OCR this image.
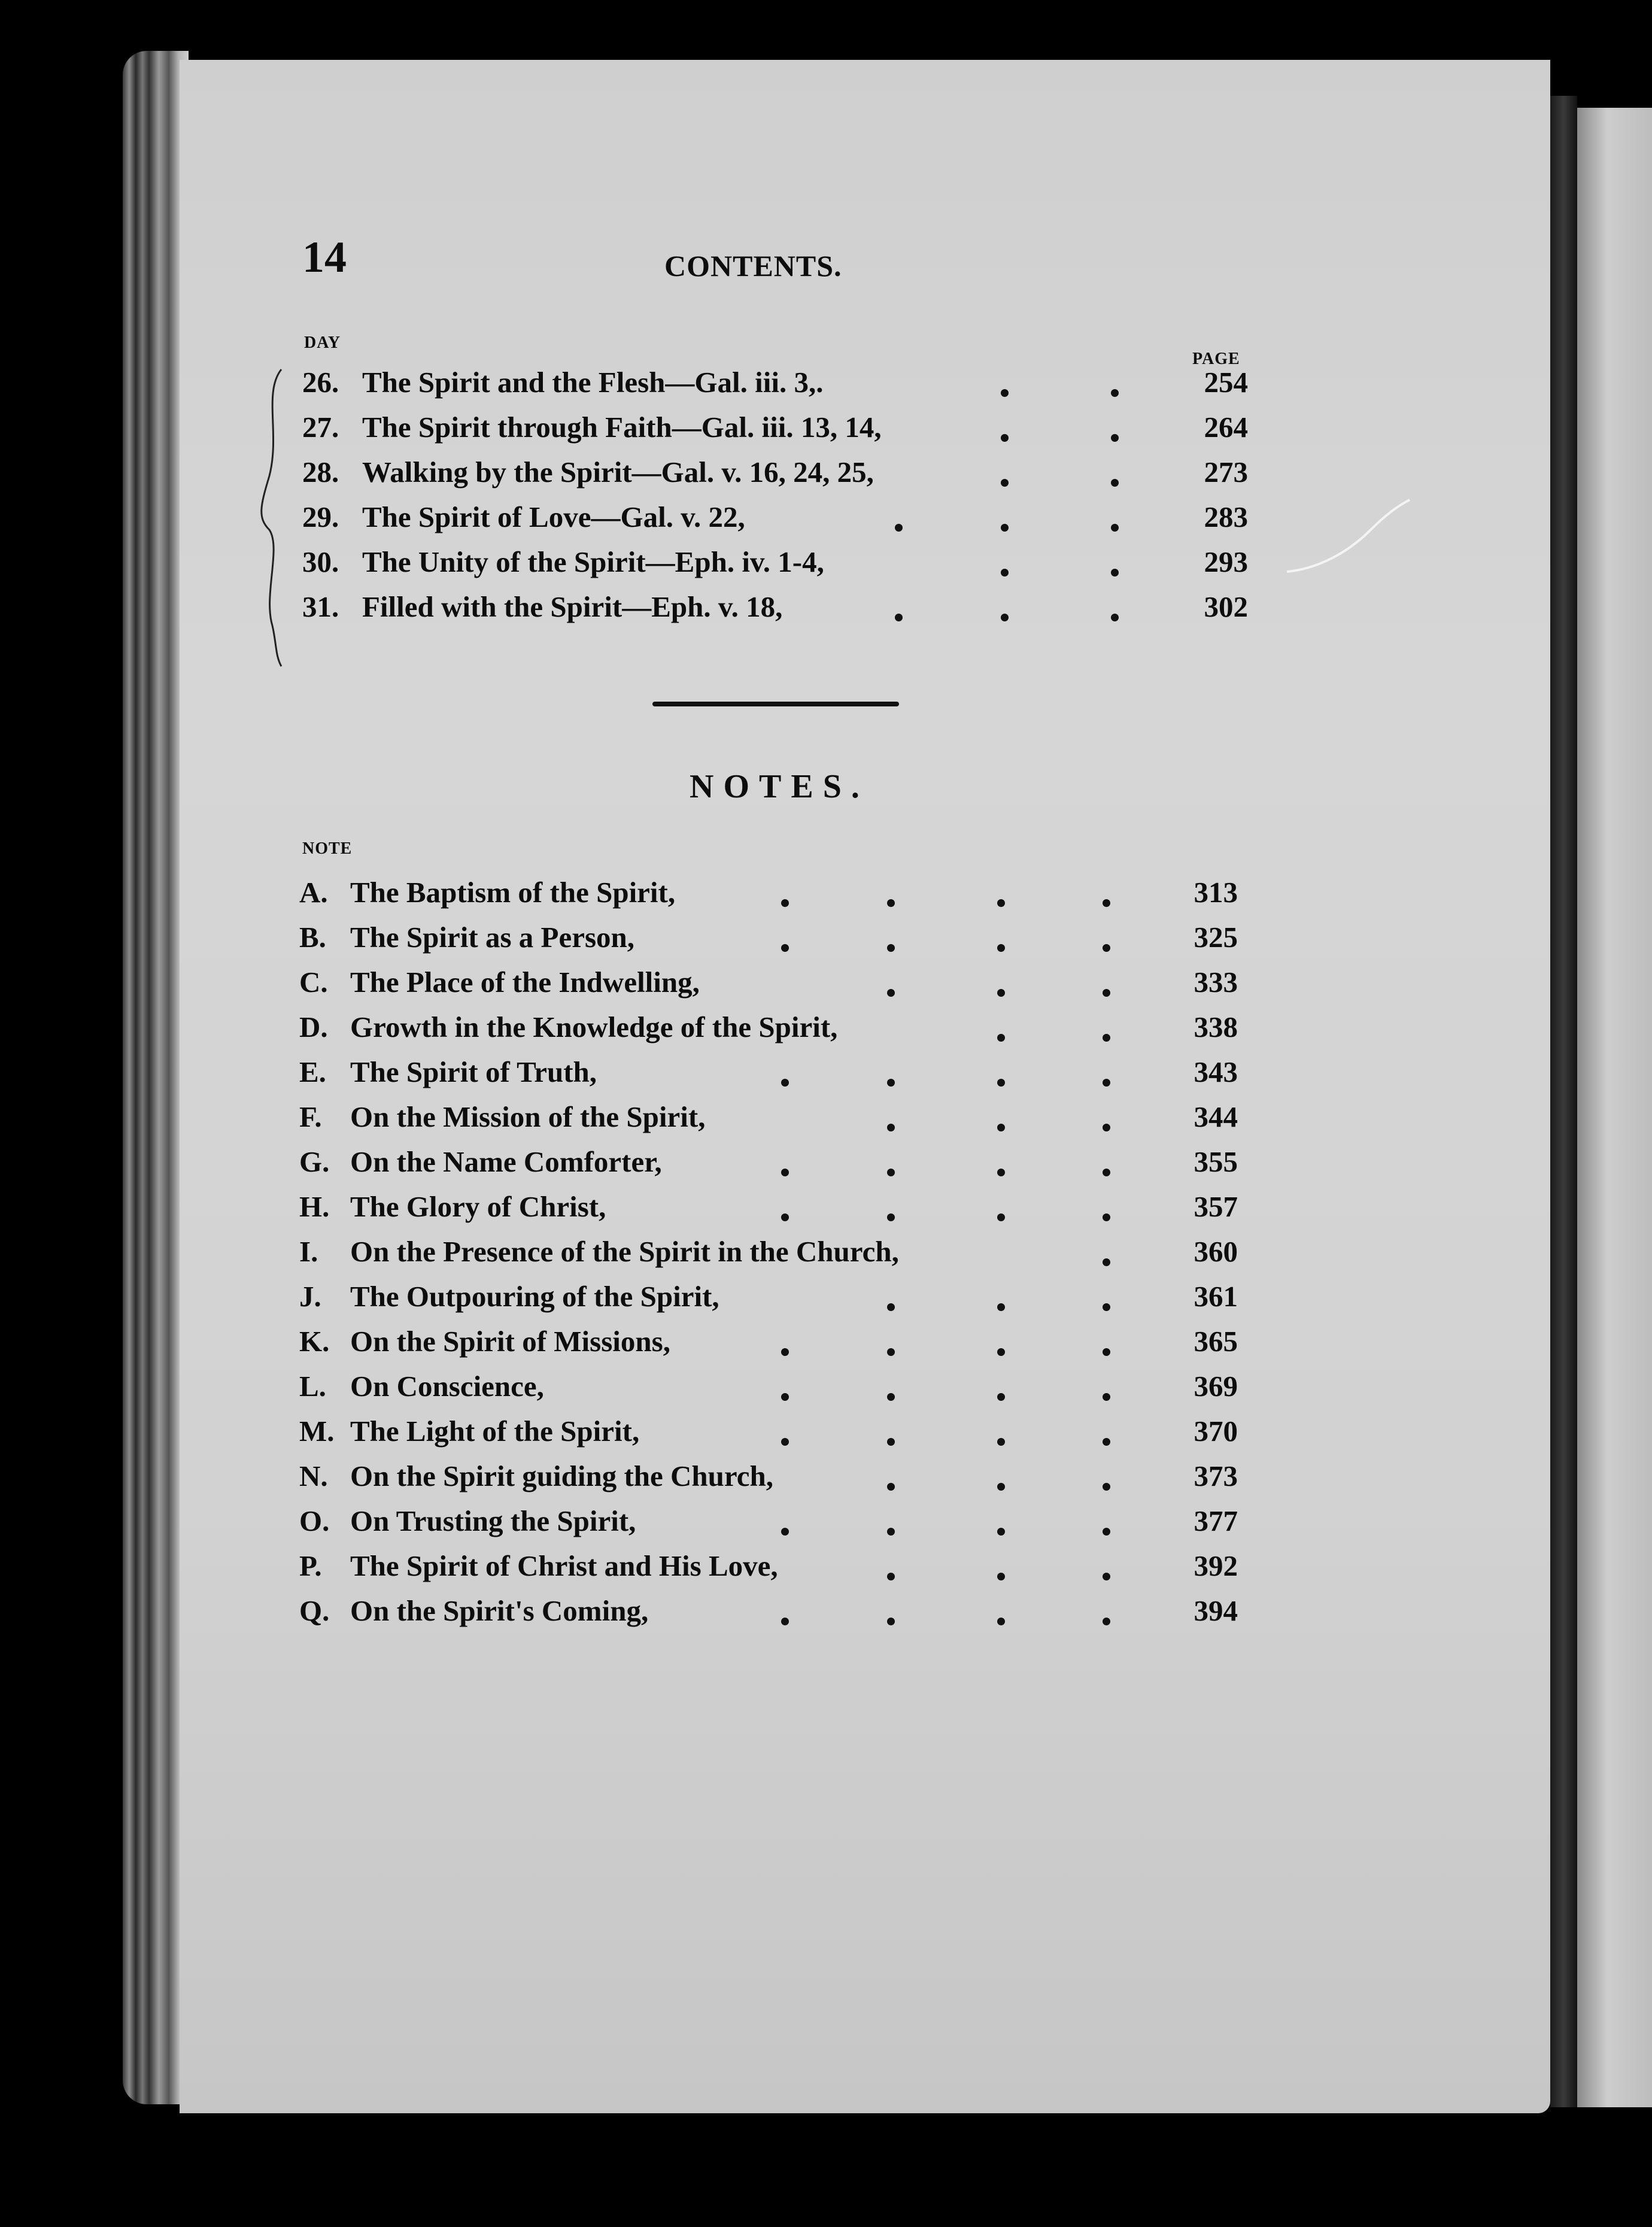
14	CONTENTS.
DAY
PAGE
26. The Spirit and the Flesh—Gal. iii. 3,.	254
27. The Spirit through Faith—Gal. iii. 13, 14,	264
28. Walking by the Spirit—Gal. v. 16, 24, 25,	273
29. The Spirit of Love—Gal. v. 22,	283
30. The Unity of the Spirit—Eph. iv. 1-4,	293
31. Filled with the Spirit—Eph. v. 18,	302
NOTES.
NOTE
A. The Baptism of the Spirit,	313
B. The Spirit as a Person,	325
C. The Place of the Indwelling,	333
D. Growth in the Knowledge of the Spirit,	338
E. The Spirit of Truth,	343
F. On the Mission of the Spirit,	344
G. On the Name Comforter,	355
H. The Glory of Christ,	357
I. On the Presence of the Spirit in the Church,	360
J. The Outpouring of the Spirit,	361
K. On the Spirit of Missions,	365
L. On Conscience,	369
M. The Light of the Spirit,	370
N. On the Spirit guiding the Church,	373
O. On Trusting the Spirit,	377
P. The Spirit of Christ and His Love,	392
Q. On the Spirit's Coming,	394
